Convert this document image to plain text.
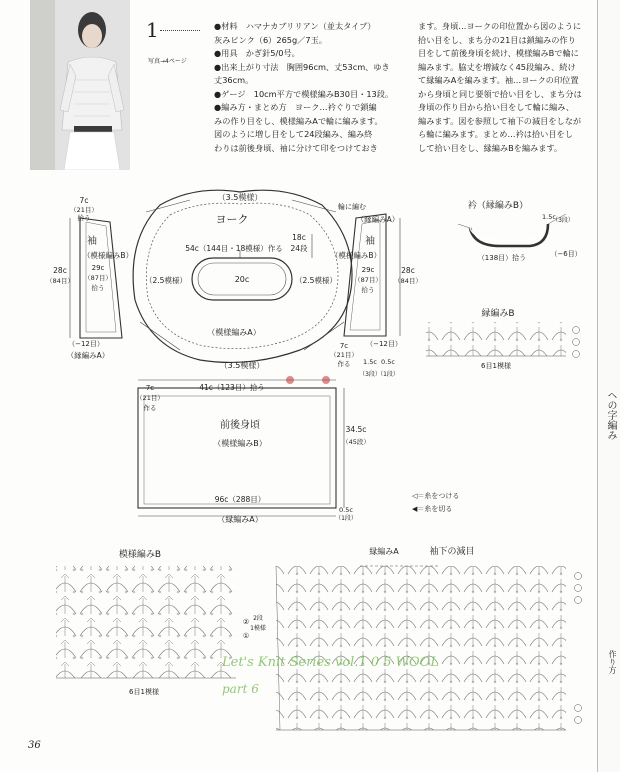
1
写真→4ページ

●材料　ハマナカブリリアン（並太タイプ）

灰みピンク（6）265g／7玉。

●用具　かぎ針5/0号。

●出来上がり寸法　胸囲96cm、丈53cm、ゆき

丈36cm。

●ゲージ　10cm平方で模様編みB30目・13段。

●編み方・まとめ方　ヨーク…衿ぐりで鎖編

みの作り目をし、模様編みAで輪に編みます。

図のように増し目をして24段編み、編み終

わりは前後身頃、袖に分けて印をつけておき

ます。身頃…ヨークの印位置から図のように

拾い目をし、まち分の21目は鎖編みの作り

目をして前後身頃を続け、模様編みBで輪に

編みます。脇丈を増減なく45段編み、続け

て縁編みAを編みます。袖…ヨークの印位置

から身頃と同じ要領で拾い目をし、まち分は

身頃の作り目から拾い目をして輪に編み、

編みます。図を参照して袖下の減目をしなが

ら輪に編みます。まとめ…衿は拾い目をし

して拾い目をし、縁編みBを編みます。

（3.5模様）
ヨーク
54c（144目・18模様）作る
20c
（2.5模様）	（2.5模様）
18c
24段
（模様編みA）
（3.5模様）
輪に編む
7c
（21目）
拾う
袖
（模様編みB）
28c
（84目）
29c
（87目）
拾う
（−12目）
（縁編みA）
（縁編みA）
袖
（模様編みB）
29c
（87目）
拾う
28c
（84目）
（−12目）
7c
（21目）
作る 1.5c
（3段）
0.5c
（1段）
衿（縁編みB）
1.5c
（3段）
（138目）拾う	（−6目）
縁編みB
6目1模様
41c（123目）拾う
7c
（21目）
作る
前後身頃
（模様編みB）
34.5c
（45段）
96c（288目）
（縁編みA）
0.5c
（1段）
◁＝糸をつける
◀＝糸を切る
模様編みB
②
①
2段
1模様
6目1模様
縁編みA	袖下の減目
Let's Knit Series vol.1 0 5 WOOL
part 6
ヘの字編み
作り方
36
